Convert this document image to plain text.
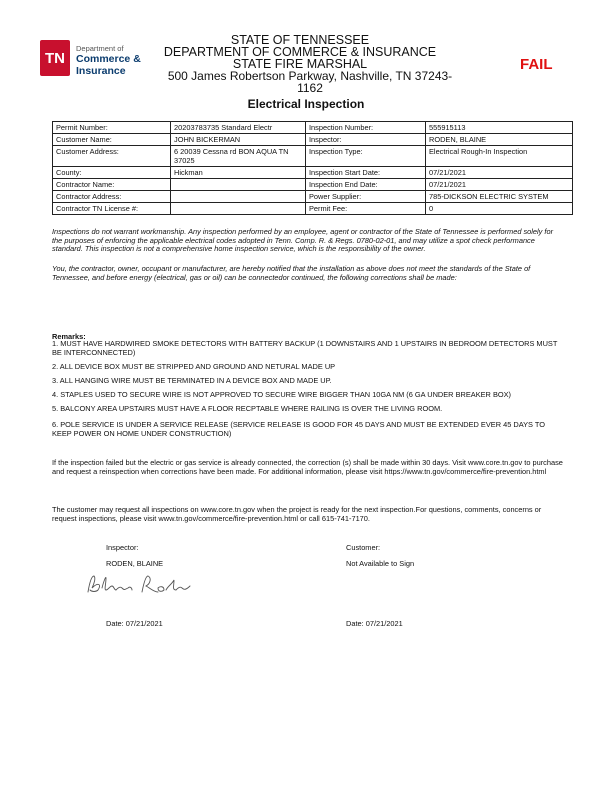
TN
Department of
Commerce &
Insurance
STATE OF TENNESSEE
DEPARTMENT OF COMMERCE & INSURANCE
STATE FIRE MARSHAL
500 James Robertson Parkway, Nashville, TN 37243-1162
FAIL
Electrical Inspection
Permit Number:	20203783735 Standard Electr	Inspection Number:	555915113
Customer Name:	JOHN BICKERMAN	Inspector:	RODEN, BLAINE
Customer Address:	6 20039 Cessna rd BON AQUA TN 37025	Inspection Type:	Electrical Rough-In Inspection
County:	Hickman	Inspection Start Date:	07/21/2021
Contractor Name:		Inspection End Date:	07/21/2021
Contractor Address:		Power Supplier:	785-DICKSON ELECTRIC SYSTEM
Contractor TN License #:		Permit Fee:	0
Inspections do not warrant workmanship. Any inspection performed by an employee, agent or contractor of the State of Tennessee is performed solely for the purposes of enforcing the applicable electrical codes adopted in Tenn. Comp. R. & Regs. 0780-02-01, and may utilize a spot check performance standard. This inspection is not a comprehensive home inspection service, which is the responsibility of the owner.
You, the contractor, owner, occupant or manufacturer, are hereby notified that the installation as above does not meet the standards of the State of Tennessee, and before energy (electrical, gas or oil) can be connectedor continued, the following corrections shall be made:
Remarks:
1. MUST HAVE HARDWIRED SMOKE DETECTORS WITH BATTERY BACKUP (1 DOWNSTAIRS AND 1 UPSTAIRS IN BEDROOM DETECTORS MUST BE INTERCONNECTED)
2. ALL DEVICE BOX MUST BE STRIPPED AND GROUND AND NETURAL MADE UP
3. ALL HANGING WIRE MUST BE TERMINATED IN A DEVICE BOX AND MADE UP.
4. STAPLES USED TO SECURE WIRE IS NOT APPROVED TO SECURE WIRE BIGGER THAN 10GA NM (6 GA UNDER BREAKER BOX)
5. BALCONY AREA UPSTAIRS MUST HAVE A FLOOR RECPTABLE WHERE RAILING IS OVER THE LIVING ROOM.
6. POLE SERVICE IS UNDER A SERVICE RELEASE (SERVICE RELEASE IS GOOD FOR 45 DAYS AND MUST BE EXTENDED EVER 45 DAYS TO KEEP POWER ON HOME UNDER CONSTRUCTION)
If the inspection failed but the electric or gas service is already connected, the correction (s) shall be made within 30 days. Visit www.core.tn.gov to purchase and request a reinspection when corrections have been made. For additional information, please visit https://www.tn.gov/commerce/fire-prevention.html
The customer may request all inspections on www.core.tn.gov when the project is ready for the next inspection.For questions, comments, concerns or request inspections, please visit www.tn.gov/commerce/fire-prevention.html or call 615-741-7170.
Inspector:
RODEN, BLAINE
Date: 07/21/2021
Customer:
Not Available to Sign
Date: 07/21/2021
